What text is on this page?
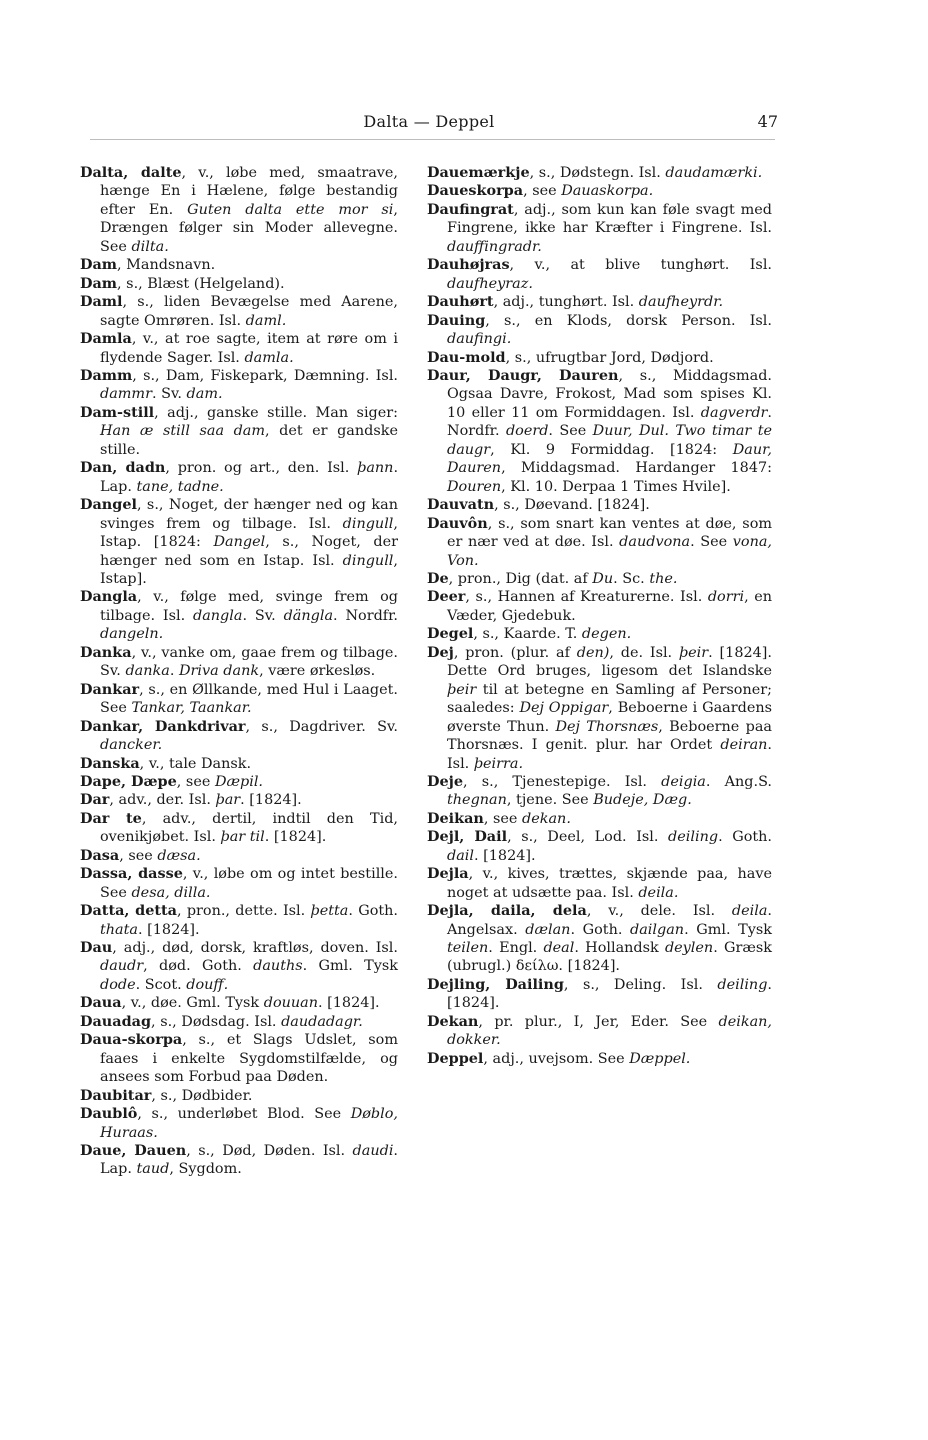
Dalta — Deppel	47

Dalta, dalte, v., løbe med, smaatrave, hænge En i Hælene, følge bestandig efter En. Guten dalta ette mor si, Drængen følger sin Moder allevegne. See dilta.

Dam, Mandsnavn.

Dam, s., Blæst (Helgeland).

Daml, s., liden Bevægelse med Aarene, sagte Omrøren. Isl. daml.

Damla, v., at roe sagte, item at røre om i flydende Sager. Isl. damla.

Damm, s., Dam, Fiskepark, Dæmning. Isl. dammr. Sv. dam.

Dam-still, adj., ganske stille. Man siger: Han æ still saa dam, det er gandske stille.

Dan, dadn, pron. og art., den. Isl. þann. Lap. tane, tadne.

Dangel, s., Noget, der hænger ned og kan svinges frem og tilbage. Isl. dingull, Istap. [1824: Dangel, s., Noget, der hænger ned som en Istap. Isl. dingull, Istap].

Dangla, v., følge med, svinge frem og tilbage. Isl. dangla. Sv. dängla. Nordfr. dangeln.

Danka, v., vanke om, gaae frem og tilbage. Sv. danka. Driva dank, være ørkesløs.

Dankar, s., en Øllkande, med Hul i Laaget. See Tankar, Taankar.

Dankar, Dankdrivar, s., Dagdriver. Sv. dancker.

Danska, v., tale Dansk.

Dape, Dæpe, see Dæpil.

Dar, adv., der. Isl. þar. [1824].

Dar te, adv., dertil, indtil den Tid, ovenikjøbet. Isl. þar til. [1824].

Dasa, see dæsa.

Dassa, dasse, v., løbe om og intet bestille. See desa, dilla.

Datta, detta, pron., dette. Isl. þetta. Goth. thata. [1824].

Dau, adj., død, dorsk, kraftløs, doven. Isl. daudr, død. Goth. dauths. Gml. Tysk dode. Scot. douff.

Daua, v., døe. Gml. Tysk douuan. [1824].

Dauadag, s., Dødsdag. Isl. daudadagr.

Daua-skorpa, s., et Slags Udslet, som faaes i enkelte Sygdomstilfælde, og ansees som Forbud paa Døden.

Daubitar, s., Dødbider.

Daublô, s., underløbet Blod. See Døblo, Huraas.

Daue, Dauen, s., Død, Døden. Isl. daudi. Lap. taud, Sygdom.

Dauemærkje, s., Dødstegn. Isl. daudamærki.

Daueskorpa, see Dauaskorpa.

Daufingrat, adj., som kun kan føle svagt med Fingrene, ikke har Kræfter i Fingrene. Isl. dauffingradr.

Dauhøjras, v., at blive tunghørt. Isl. daufheyraz.

Dauhørt, adj., tunghørt. Isl. daufheyrdr.

Dauing, s., en Klods, dorsk Person. Isl. daufingi.

Dau-mold, s., ufrugtbar Jord, Dødjord.

Daur, Daugr, Dauren, s., Middagsmad. Ogsaa Davre, Frokost, Mad som spises Kl. 10 eller 11 om Formiddagen. Isl. dagverdr. Nordfr. doerd. See Duur, Dul. Two timar te daugr, Kl. 9 Formiddag. [1824: Daur, Dauren, Middagsmad. Hardanger 1847: Douren, Kl. 10. Derpaa 1 Times Hvile].

Dauvatn, s., Døevand. [1824].

Dauvôn, s., som snart kan ventes at døe, som er nær ved at døe. Isl. daudvona. See vona, Von.

De, pron., Dig (dat. af Du. Sc. the.

Deer, s., Hannen af Kreaturerne. Isl. dorri, en Væder, Gjedebuk.

Degel, s., Kaarde. T. degen.

Dej, pron. (plur. af den), de. Isl. þeir. [1824]. Dette Ord bruges, ligesom det Islandske þeir til at betegne en Samling af Personer; saaledes: Dej Oppigar, Beboerne i Gaardens øverste Thun. Dej Thorsnæs, Beboerne paa Thorsnæs. I genit. plur. har Ordet deiran. Isl. þeirra.

Deje, s., Tjenestepige. Isl. deigia. Ang.S. thegnan, tjene. See Budeje, Dæg.

Deikan, see dekan.

Dejl, Dail, s., Deel, Lod. Isl. deiling. Goth. dail. [1824].

Dejla, v., kives, trættes, skjænde paa, have noget at udsætte paa. Isl. deila.

Dejla, daila, dela, v., dele. Isl. deila. Angelsax. dælan. Goth. dailgan. Gml. Tysk teilen. Engl. deal. Hollandsk deylen. Græsk (ubrugl.) δείλω. [1824].

Dejling, Dailing, s., Deling. Isl. deiling. [1824].

Dekan, pr. plur., I, Jer, Eder. See deikan, dokker.

Deppel, adj., uvejsom. See Dæppel.
